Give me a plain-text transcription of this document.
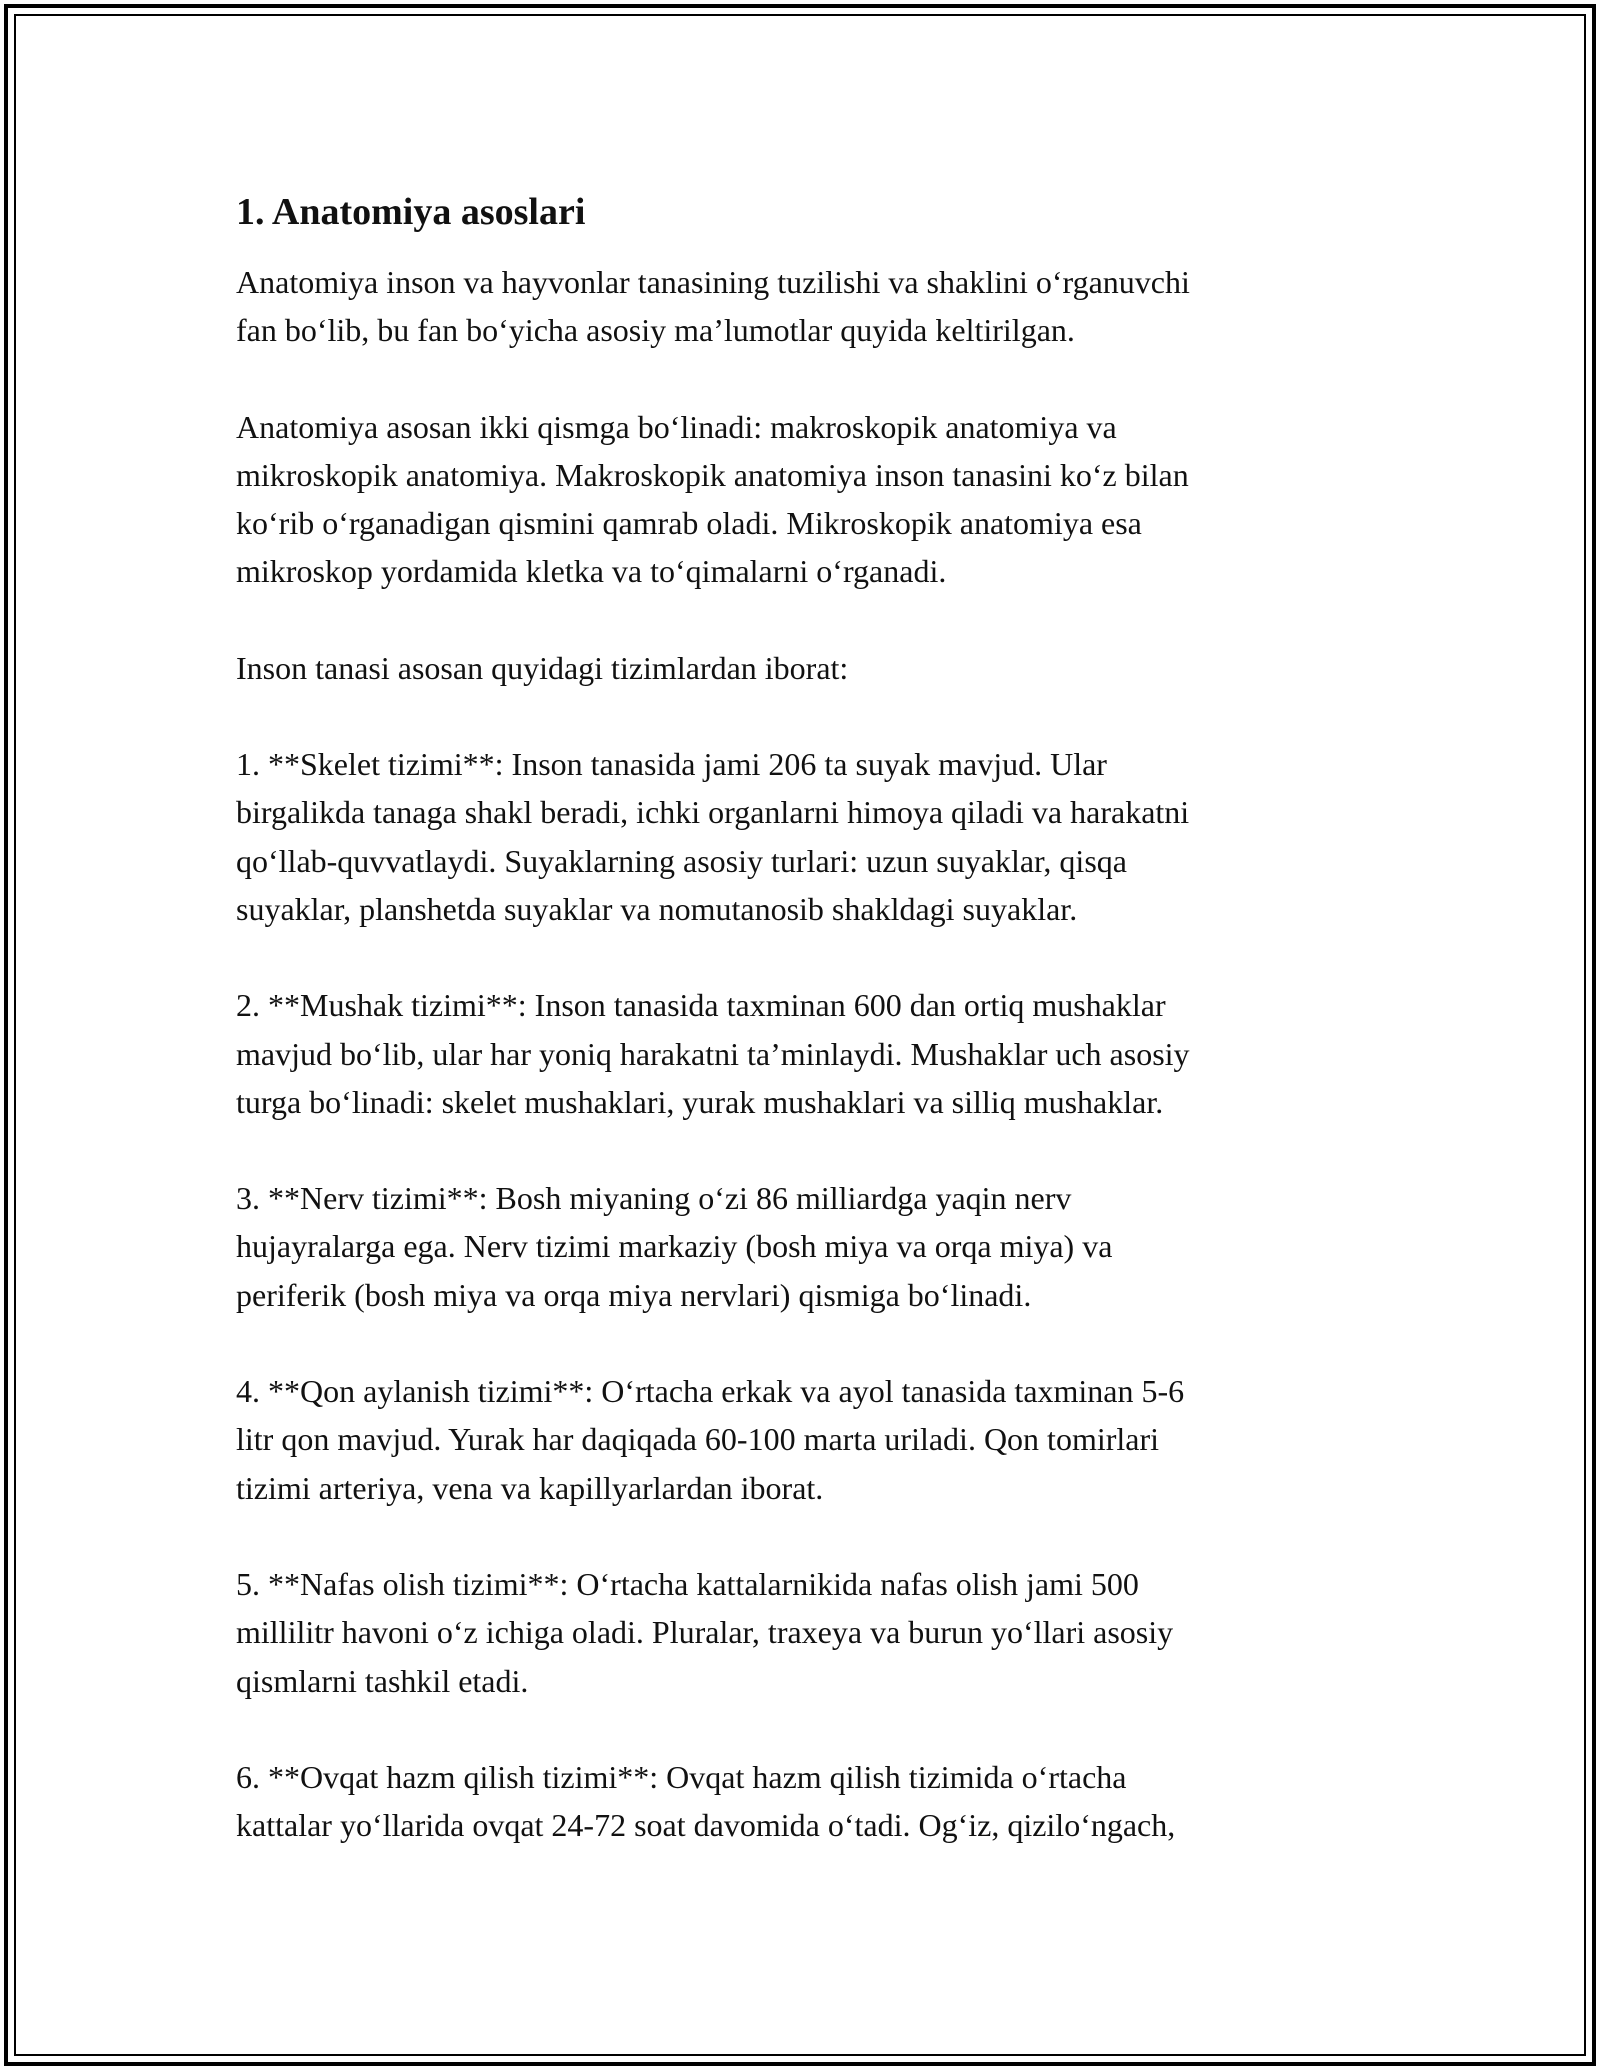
1. Anatomiya asoslari

Anatomiya inson va hayvonlar tanasining tuzilishi va shaklini o‘rganuvchi
fan bo‘lib, bu fan bo‘yicha asosiy ma’lumotlar quyida keltirilgan.

Anatomiya asosan ikki qismga bo‘linadi: makroskopik anatomiya va
mikroskopik anatomiya. Makroskopik anatomiya inson tanasini ko‘z bilan
ko‘rib o‘rganadigan qismini qamrab oladi. Mikroskopik anatomiya esa
mikroskop yordamida kletka va to‘qimalarni o‘rganadi.

Inson tanasi asosan quyidagi tizimlardan iborat:

1. **Skelet tizimi**: Inson tanasida jami 206 ta suyak mavjud. Ular
birgalikda tanaga shakl beradi, ichki organlarni himoya qiladi va harakatni
qo‘llab-quvvatlaydi. Suyaklarning asosiy turlari: uzun suyaklar, qisqa
suyaklar, planshetda suyaklar va nomutanosib shakldagi suyaklar.

2. **Mushak tizimi**: Inson tanasida taxminan 600 dan ortiq mushaklar
mavjud bo‘lib, ular har yoniq harakatni ta’minlaydi. Mushaklar uch asosiy
turga bo‘linadi: skelet mushaklari, yurak mushaklari va silliq mushaklar.

3. **Nerv tizimi**: Bosh miyaning o‘zi 86 milliardga yaqin nerv
hujayralarga ega. Nerv tizimi markaziy (bosh miya va orqa miya) va
periferik (bosh miya va orqa miya nervlari) qismiga bo‘linadi.

4. **Qon aylanish tizimi**: O‘rtacha erkak va ayol tanasida taxminan 5-6
litr qon mavjud. Yurak har daqiqada 60-100 marta uriladi. Qon tomirlari
tizimi arteriya, vena va kapillyarlardan iborat.

5. **Nafas olish tizimi**: O‘rtacha kattalarnikida nafas olish jami 500
millilitr havoni o‘z ichiga oladi. Pluralar, traxeya va burun yo‘llari asosiy
qismlarni tashkil etadi.

6. **Ovqat hazm qilish tizimi**: Ovqat hazm qilish tizimida o‘rtacha
kattalar yo‘llarida ovqat 24-72 soat davomida o‘tadi. Og‘iz, qizilo‘ngach,
